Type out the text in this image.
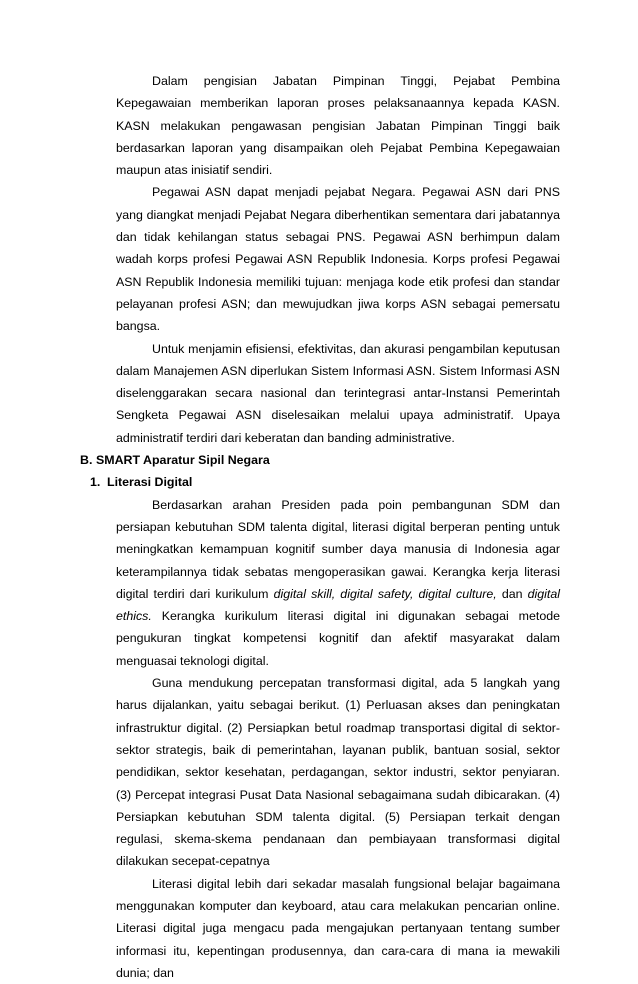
Dalam pengisian Jabatan Pimpinan Tinggi, Pejabat Pembina Kepegawaian memberikan laporan proses pelaksanaannya kepada KASN. KASN melakukan pengawasan pengisian Jabatan Pimpinan Tinggi baik berdasarkan laporan yang disampaikan oleh Pejabat Pembina Kepegawaian maupun atas inisiatif sendiri.

Pegawai ASN dapat menjadi pejabat Negara. Pegawai ASN dari PNS yang diangkat menjadi Pejabat Negara diberhentikan sementara dari jabatannya dan tidak kehilangan status sebagai PNS. Pegawai ASN berhimpun dalam wadah korps profesi Pegawai ASN Republik Indonesia. Korps profesi Pegawai ASN Republik Indonesia memiliki tujuan: menjaga kode etik profesi dan standar pelayanan profesi ASN; dan mewujudkan jiwa korps ASN sebagai pemersatu bangsa.

Untuk menjamin efisiensi, efektivitas, dan akurasi pengambilan keputusan dalam Manajemen ASN diperlukan Sistem Informasi ASN. Sistem Informasi ASN diselenggarakan secara nasional dan terintegrasi antar-Instansi Pemerintah Sengketa Pegawai ASN diselesaikan melalui upaya administratif. Upaya administratif terdiri dari keberatan dan banding administrative.

B. SMART Aparatur Sipil Negara
1. Literasi Digital

Berdasarkan arahan Presiden pada poin pembangunan SDM dan persiapan kebutuhan SDM talenta digital, literasi digital berperan penting untuk meningkatkan kemampuan kognitif sumber daya manusia di Indonesia agar keterampilannya tidak sebatas mengoperasikan gawai. Kerangka kerja literasi digital terdiri dari kurikulum digital skill, digital safety, digital culture, dan digital ethics. Kerangka kurikulum literasi digital ini digunakan sebagai metode pengukuran tingkat kompetensi kognitif dan afektif masyarakat dalam menguasai teknologi digital.

Guna mendukung percepatan transformasi digital, ada 5 langkah yang harus dijalankan, yaitu sebagai berikut. (1) Perluasan akses dan peningkatan infrastruktur digital. (2) Persiapkan betul roadmap transportasi digital di sektor-sektor strategis, baik di pemerintahan, layanan publik, bantuan sosial, sektor pendidikan, sektor kesehatan, perdagangan, sektor industri, sektor penyiaran. (3) Percepat integrasi Pusat Data Nasional sebagaimana sudah dibicarakan. (4) Persiapkan kebutuhan SDM talenta digital. (5) Persiapan terkait dengan regulasi, skema-skema pendanaan dan pembiayaan transformasi digital dilakukan secepat-cepatnya

Literasi digital lebih dari sekadar masalah fungsional belajar bagaimana menggunakan komputer dan keyboard, atau cara melakukan pencarian online. Literasi digital juga mengacu pada mengajukan pertanyaan tentang sumber informasi itu, kepentingan produsennya, dan cara-cara di mana ia mewakili dunia; dan
